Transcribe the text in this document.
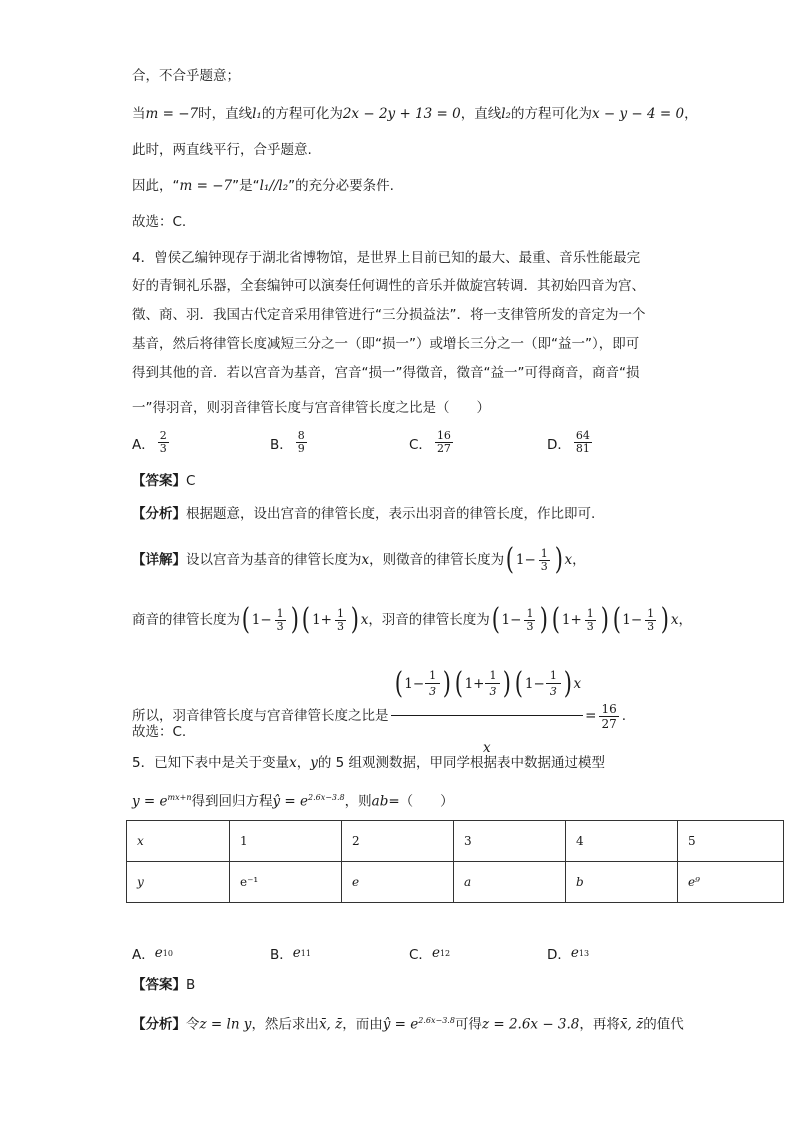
合，不合乎题意；
当m = −7时，直线l₁的方程可化为2x − 2y + 13 = 0，直线l₂的方程可化为x − y − 4 = 0，
此时，两直线平行，合乎题意.
因此，“m = −7”是“l₁//l₂”的充分必要条件.
故选：C.
4．曾侯乙编钟现存于湖北省博物馆，是世界上目前已知的最大、最重、音乐性能最完
好的青铜礼乐器，全套编钟可以演奏任何调性的音乐并做旋宫转调．其初始四音为宫、
徵、商、羽．我国古代定音采用律管进行“三分损益法”．将一支律管所发的音定为一个
基音，然后将律管长度减短三分之一（即“损一”）或增长三分之一（即“益一”），即可
得到其他的音．若以宫音为基音，宫音“损一”得徵音，徵音“益一”可得商音，商音“损
一”得羽音，则羽音律管长度与宫音律管长度之比是（　　）
A． $\frac{2}{3}$	B． $\frac{8}{9}$	C． $\frac{16}{27}$	D． $\frac{64}{81}$
【答案】C
【分析】根据题意，设出宫音的律管长度，表示出羽音的律管长度，作比即可.
【详解】 设以宫音为基音的律管长度为 x ，则徵音的律管长度为 ( $1 - \frac{1}{3}$ ) x ，
商音的律管长度为 ( $1 - \frac{1}{3}$ ) ( $1 + \frac{1}{3}$ ) x ，羽音的律管长度为 ( $1 - \frac{1}{3}$ ) ( $1 + \frac{1}{3}$ ) ( $1 - \frac{1}{3}$ ) x ，
所以，羽音律管长度与宫音律管长度之比是 $\frac{( 1 - \frac{1}{3} ) ( 1 + \frac{1}{3} ) ( 1 - \frac{1}{3} ) x}{x} = \frac{16}{27}$ .
故选：C.
5．已知下表中是关于变量x，y的 5 组观测数据，甲同学根据表中数据通过模型
$y = e^{mx+n}$得到回归方程ŷ = $e^{2.6x-3.8}$，则ab=（　　）
x	1	2	3	4	5
y	e⁻¹	e	a	b	e⁹
A． e 10	B． e 11	C． e 12	D． e 13
【答案】B
【分析】令z = ln y，然后求出x̄, z̄，而由ŷ = $e^{2.6x-3.8}$可得z = 2.6x − 3.8，再将x̄, z̄的值代
